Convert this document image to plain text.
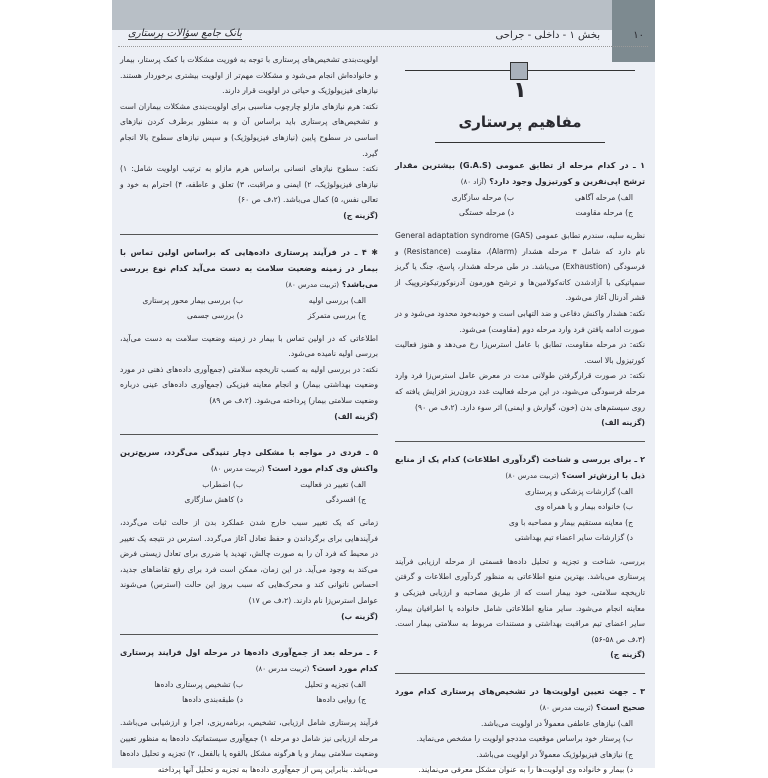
۱۰
بخش ۱ - داخلی - جراحی
بانک جامع سؤالات پرستاری
۱
مفاهیم پرستاری
۱ ـ در کدام مرحله از تطابق عمومی (G.A.S) بیشترین مقدار ترشح اپی‌نفرین و کورتیزول وجود دارد؟ (آزاد ۸۰)
الف) مرحله آگاهی
ب) مرحله سازگاری
ج) مرحله مقاومت
د) مرحله خستگی
نظریه سلیه، سندرم تطابق عمومی (GAS) General adaptation syndrome نام دارد که شامل ۳ مرحله هشدار (Alarm)، مقاومت (Resistance) و فرسودگی (Exhaustion) می‌باشد. در طی مرحله هشدار، پاسخ، جنگ یا گریز سمپاتیکی با آزادشدن کاته‌کولامین‌ها و ترشح هورمون آدرنوکورتیکوتروپیک از قشر آدرنال آغاز می‌شود.
نکته: هشدار واکنش دفاعی و ضد التهابی است و خودبه‌خود محدود می‌شود و در صورت ادامه یافتن فرد وارد مرحله دوم (مقاومت) می‌شود.
نکته: در مرحله مقاومت، تطابق با عامل استرس‌زا رخ می‌دهد و هنوز فعالیت کورتیزول بالا است.
نکته: در صورت قرارگرفتن طولانی مدت در معرض عامل استرس‌زا فرد وارد مرحله فرسودگی می‌شود، در این مرحله فعالیت غدد درون‌ریز افزایش یافته که روی سیستم‌های بدن (خون، گوارش و ایمنی) اثر سوء دارد. (۲،ف ص ۹۰)
(گزینه الف)
۲ ـ برای بررسی و شناخت (گردآوری اطلاعات) کدام یک از منابع ذیل با ارزش‌تر است؟ (تربیت مدرس ۸۰)
الف) گزارشات پزشکی و پرستاری
ب) خانواده بیمار و یا همراه وی
ج) معاینه مستقیم بیمار و مصاحبه با وی
د) گزارشات سایر اعضاء تیم بهداشتی
بررسی، شناخت و تجزیه و تحلیل داده‌ها قسمتی از مرحله ارزیابی فرآیند پرستاری می‌باشد. بهترین منبع اطلاعاتی به منظور گردآوری اطلاعات و گرفتن تاریخچه سلامتی، خود بیمار است که از طریق مصاحبه و ارزیابی فیزیکی و معاینه انجام می‌شود. سایر منابع اطلاعاتی شامل خانواده یا اطرافیان بیمار، سایر اعضای تیم مراقبت بهداشتی و مستندات مربوط به سلامتی بیمار است. (۳،ف ص ۵۸-۵۶)
(گزینه ج)
۳ ـ جهت تعیین اولویت‌ها در تشخیص‌های پرستاری کدام مورد صحیح است؟ (تربیت مدرس ۸۰)
الف) نیازهای عاطفی معمولاً در اولویت می‌باشد.
ب) پرستار خود براساس موقعیت مددجو اولویت را مشخص می‌نماید.
ج) نیازهای فیزیولوژیک معمولاً در اولویت می‌باشد.
د) بیمار و خانواده وی اولویت‌ها را به عنوان مشکل معرفی می‌نمایند.
اولویت‌بندی تشخیص‌های پرستاری با توجه به فوریت مشکلات با کمک پرستار، بیمار و خانواده‌اش انجام می‌شود و مشکلات مهم‌تر از اولویت بیشتری برخوردار هستند. نیازهای فیزیولوژیک و حیاتی در اولویت قرار دارند.
نکته: هرم نیازهای مازلو چارچوب مناسبی برای اولویت‌بندی مشکلات بیماران است و تشخیص‌های پرستاری باید براساس آن و به منظور برطرف کردن نیازهای اساسی در سطوح پایین (نیازهای فیزیولوژیک) و سپس نیازهای سطوح بالا انجام گیرد.
نکته: سطوح نیازهای انسانی براساس هرم مازلو به ترتیب اولویت شامل: ۱) نیازهای فیزیولوژیک، ۲) ایمنی و مراقبت، ۳) تعلق و عاطفه، ۴) احترام به خود و تعالی نفس، ۵) کمال می‌باشد. (۲،ف ص ۶۰)
(گزینه ج)
✱ ۴ ـ در فرآیند پرستاری داده‌هایی که براساس اولین تماس با بیمار در زمینه وضعیت سلامت به دست می‌آید کدام نوع بررسی می‌باشد؟ (تربیت مدرس ۸۰)
الف) بررسی اولیه
ب) بررسی بیمار محور پرستاری
ج) بررسی متمرکز
د) بررسی جسمی
اطلاعاتی که در اولین تماس با بیمار در زمینه وضعیت سلامت به دست می‌آید، بررسی اولیه نامیده می‌شود.
نکته: در بررسی اولیه به کسب تاریخچه سلامتی (جمع‌آوری داده‌های ذهنی در مورد وضعیت بهداشتی بیمار) و انجام معاینه فیزیکی (جمع‌آوری داده‌های عینی درباره وضعیت سلامتی بیمار) پرداخته می‌شود. (۲،ف ص ۸۹)
(گزینه الف)
۵ ـ فردی در مواجه با مشکلی دچار تنیدگی می‌گردد، سریع‌ترین واکنش وی کدام مورد است؟ (تربیت مدرس ۸۰)
الف) تغییر در فعالیت
ب) اضطراب
ج) افسردگی
د) کاهش سازگاری
زمانی که یک تغییر سبب خارج شدن عملکرد بدن از حالت ثبات می‌گردد، فرآیندهایی برای برگرداندن و حفظ تعادل آغاز می‌گردد. استرس در نتیجه یک تغییر در محیط که فرد آن را به صورت چالش، تهدید یا ضرری برای تعادل زیستی فرض می‌کند به وجود می‌آید. در این زمان، ممکن است فرد برای رفع تقاضاهای جدید، احساس ناتوانی کند و محرک‌هایی که سبب بروز این حالت (استرس) می‌شوند عوامل استرس‌زا نام دارند. (۲،ف ص ۱۷)
(گزینه ب)
۶ ـ مرحله بعد از جمع‌آوری داده‌ها در مرحله اول فرایند پرستاری کدام مورد است؟ (تربیت مدرس ۸۰)
الف) تجزیه و تحلیل
ب) تشخیص پرستاری داده‌ها
ج) روایی داده‌ها
د) طبقه‌بندی داده‌ها
فرآیند پرستاری شامل ارزیابی، تشخیص، برنامه‌ریزی، اجرا و ارزشیابی می‌باشد. مرحله ارزیابی نیز شامل دو مرحله ۱) جمع‌آوری سیستماتیک داده‌ها به منظور تعیین وضعیت سلامتی بیمار و یا هرگونه مشکل بالقوه یا بالفعل، ۲) تجزیه و تحلیل داده‌ها می‌باشد. بنابراین پس از جمع‌آوری داده‌ها به تجزیه و تحلیل آنها پرداخته
